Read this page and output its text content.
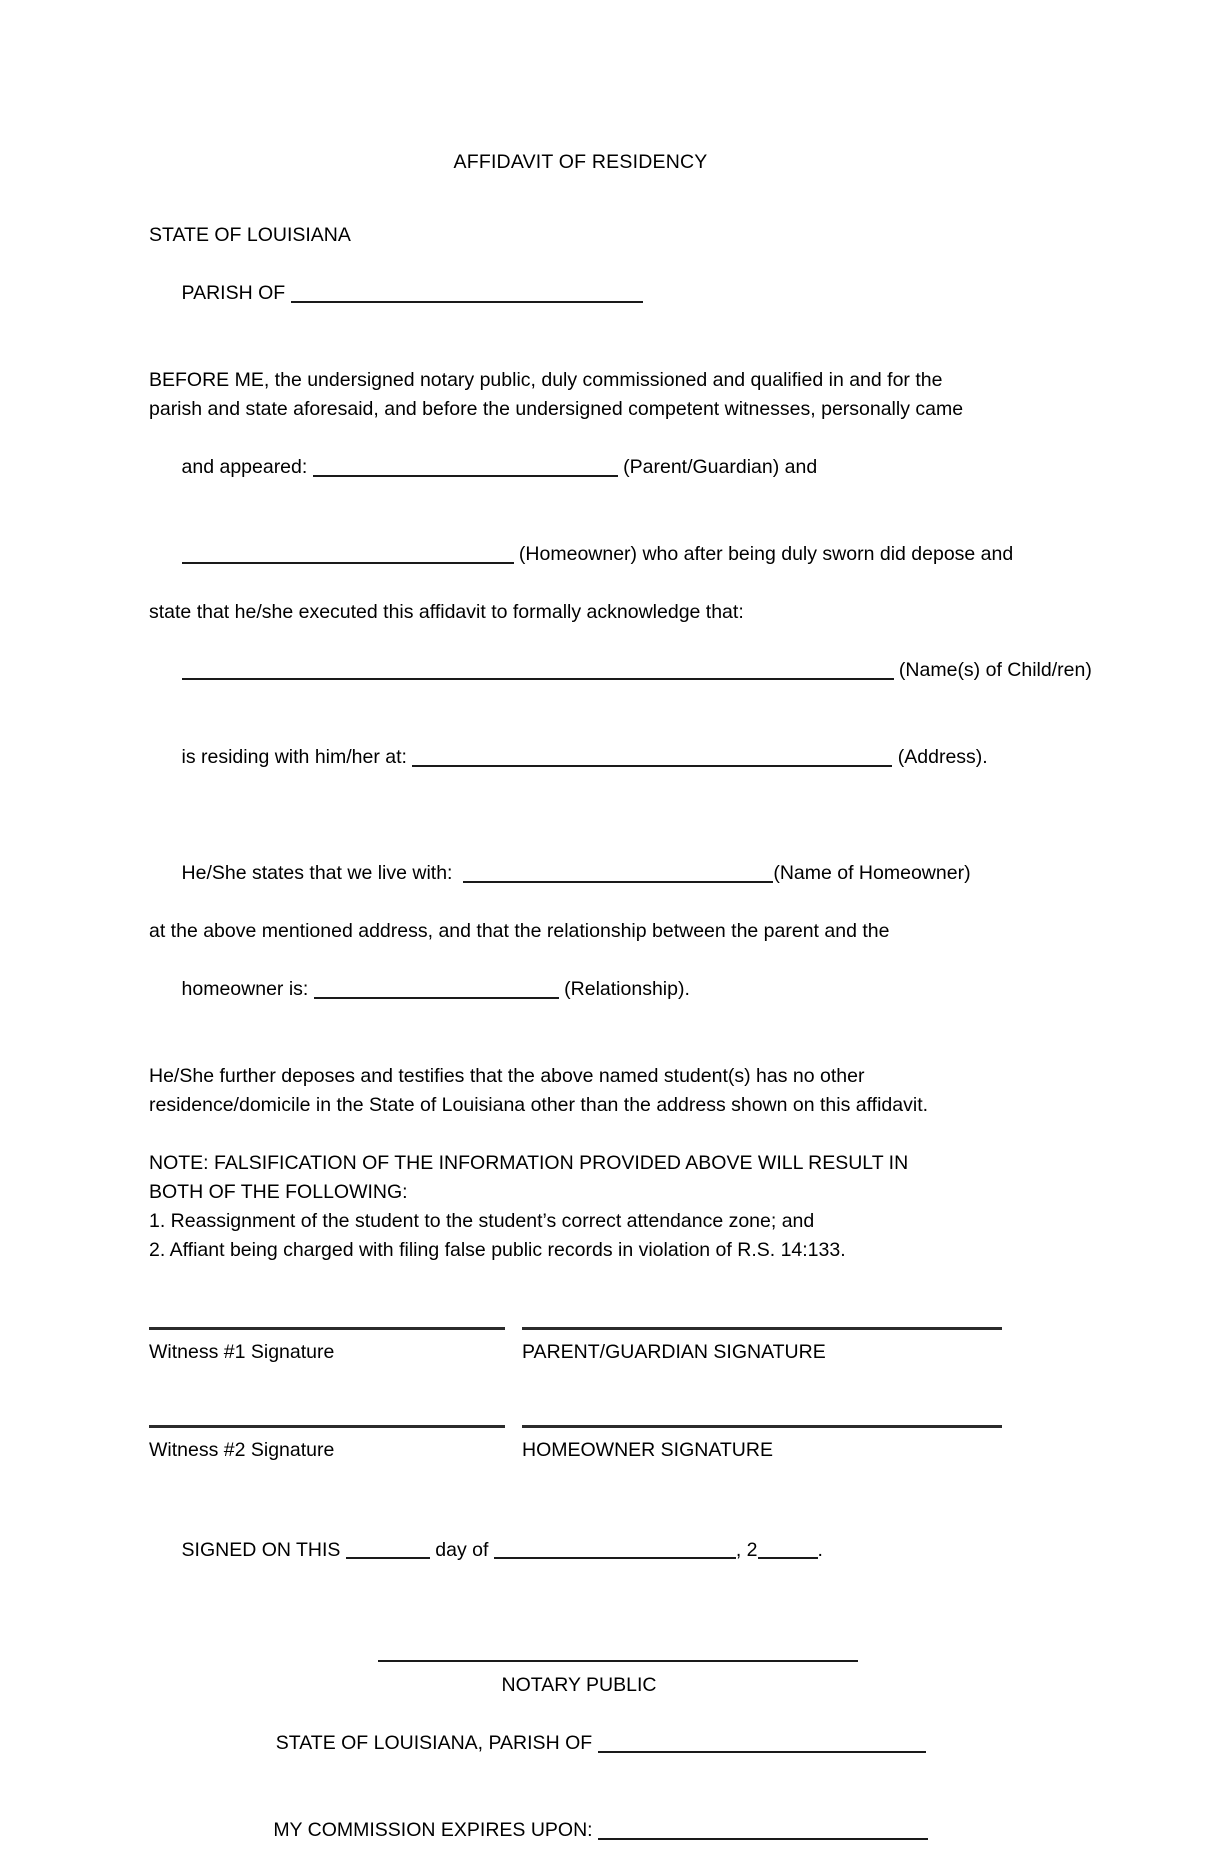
AFFIDAVIT OF RESIDENCY
STATE OF LOUISIANA

PARISH OF

BEFORE ME, the undersigned notary public, duly commissioned and qualified in and for the
parish and state aforesaid, and before the undersigned competent witnesses, personally came

and appeared:	(Parent/Guardian) and

(Homeowner) who after being duly sworn did depose and

state that he/she executed this affidavit to formally acknowledge that:

(Name(s) of Child/ren)

is residing with him/her at:	(Address).

He/She states that we live with:	(Name of Homeowner)

at the above mentioned address, and that the relationship between the parent and the

homeowner is:	(Relationship).

He/She further deposes and testifies that the above named student(s) has no other
residence/domicile in the State of Louisiana other than the address shown on this affidavit.
NOTE: FALSIFICATION OF THE INFORMATION PROVIDED ABOVE WILL RESULT IN
BOTH OF THE FOLLOWING:
1. Reassignment of the student to the student’s correct attendance zone; and
2. Affiant being charged with filing false public records in violation of R.S. 14:133.
Witness #1 Signature	PARENT/GUARDIAN SIGNATURE
Witness #2 Signature	HOMEOWNER SIGNATURE

SIGNED ON THIS	day of	, 2	.

NOTARY PUBLIC

STATE OF LOUISIANA, PARISH OF

MY COMMISSION EXPIRES UPON:
